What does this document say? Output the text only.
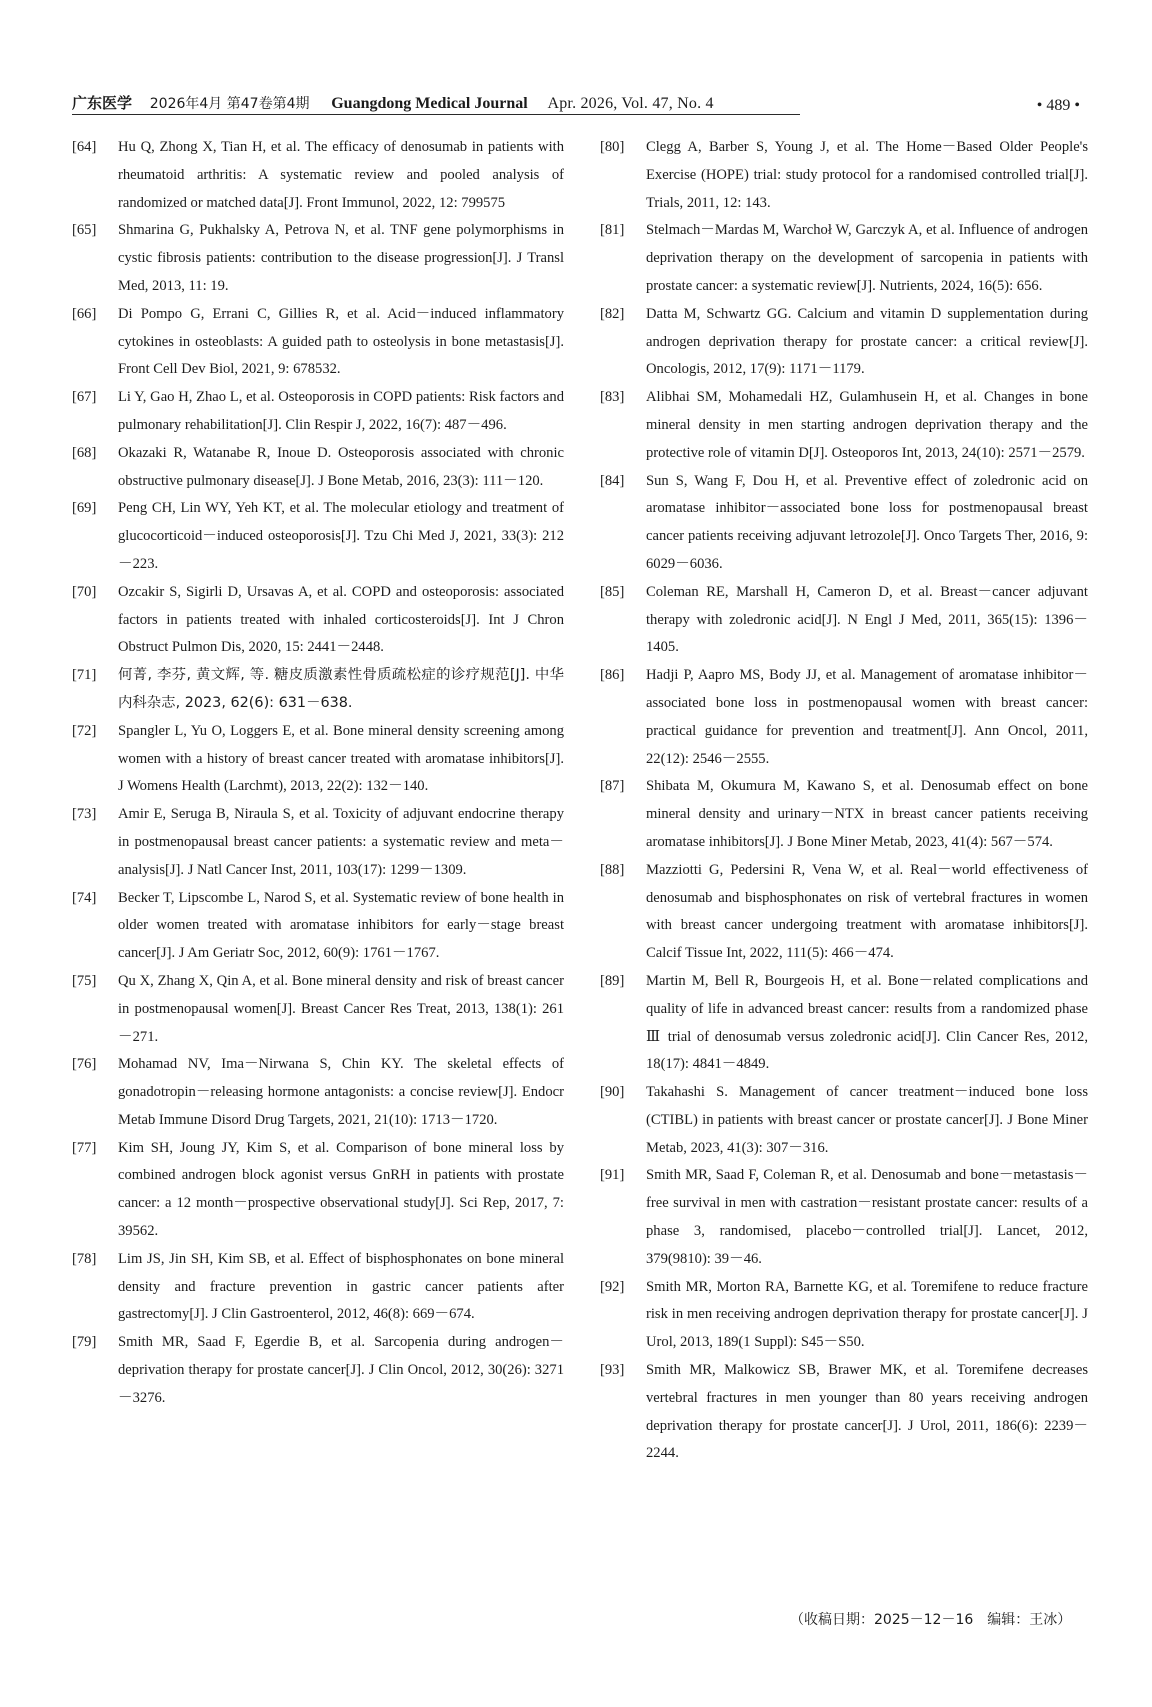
广东医学 2026年4月 第47卷第4期 Guangdong Medical Journal Apr. 2026, Vol. 47, No. 4	• 489 •
[64]	Hu Q, Zhong X, Tian H, et al. The efficacy of denosumab in patients with rheumatoid arthritis: A systematic review and pooled analysis of randomized or matched data[J]. Front Immunol, 2022, 12: 799575
[65]	Shmarina G, Pukhalsky A, Petrova N, et al. TNF gene polymorphisms in cystic fibrosis patients: contribution to the disease progression[J]. J Transl Med, 2013, 11: 19.
[66]	Di Pompo G, Errani C, Gillies R, et al. Acid－induced inflammatory cytokines in osteoblasts: A guided path to osteolysis in bone metastasis[J]. Front Cell Dev Biol, 2021, 9: 678532.
[67]	Li Y, Gao H, Zhao L, et al. Osteoporosis in COPD patients: Risk factors and pulmonary rehabilitation[J]. Clin Respir J, 2022, 16(7): 487－496.
[68]	Okazaki R, Watanabe R, Inoue D. Osteoporosis associated with chronic obstructive pulmonary disease[J]. J Bone Metab, 2016, 23(3): 111－120.
[69]	Peng CH, Lin WY, Yeh KT, et al. The molecular etiology and treatment of glucocorticoid－induced osteoporosis[J]. Tzu Chi Med J, 2021, 33(3): 212－223.
[70]	Ozcakir S, Sigirli D, Ursavas A, et al. COPD and osteoporosis: associated factors in patients treated with inhaled corticosteroids[J]. Int J Chron Obstruct Pulmon Dis, 2020, 15: 2441－2448.
[71]	何菁, 李芬, 黄文辉, 等. 糖皮质激素性骨质疏松症的诊疗规范[J]. 中华内科杂志, 2023, 62(6): 631－638.
[72]	Spangler L, Yu O, Loggers E, et al. Bone mineral density screening among women with a history of breast cancer treated with aromatase inhibitors[J]. J Womens Health (Larchmt), 2013, 22(2): 132－140.
[73]	Amir E, Seruga B, Niraula S, et al. Toxicity of adjuvant endocrine therapy in postmenopausal breast cancer patients: a systematic review and meta－analysis[J]. J Natl Cancer Inst, 2011, 103(17): 1299－1309.
[74]	Becker T, Lipscombe L, Narod S, et al. Systematic review of bone health in older women treated with aromatase inhibitors for early－stage breast cancer[J]. J Am Geriatr Soc, 2012, 60(9): 1761－1767.
[75]	Qu X, Zhang X, Qin A, et al. Bone mineral density and risk of breast cancer in postmenopausal women[J]. Breast Cancer Res Treat, 2013, 138(1): 261－271.
[76]	Mohamad NV, Ima－Nirwana S, Chin KY. The skeletal effects of gonadotropin－releasing hormone antagonists: a concise review[J]. Endocr Metab Immune Disord Drug Targets, 2021, 21(10): 1713－1720.
[77]	Kim SH, Joung JY, Kim S, et al. Comparison of bone mineral loss by combined androgen block agonist versus GnRH in patients with prostate cancer: a 12 month－prospective observational study[J]. Sci Rep, 2017, 7: 39562.
[78]	Lim JS, Jin SH, Kim SB, et al. Effect of bisphosphonates on bone mineral density and fracture prevention in gastric cancer patients after gastrectomy[J]. J Clin Gastroenterol, 2012, 46(8): 669－674.
[79]	Smith MR, Saad F, Egerdie B, et al. Sarcopenia during androgen－deprivation therapy for prostate cancer[J]. J Clin Oncol, 2012, 30(26): 3271－3276.
[80]	Clegg A, Barber S, Young J, et al. The Home－Based Older People's Exercise (HOPE) trial: study protocol for a randomised controlled trial[J]. Trials, 2011, 12: 143.
[81]	Stelmach－Mardas M, Warchoł W, Garczyk A, et al. Influence of androgen deprivation therapy on the development of sarcopenia in patients with prostate cancer: a systematic review[J]. Nutrients, 2024, 16(5): 656.
[82]	Datta M, Schwartz GG. Calcium and vitamin D supplementation during androgen deprivation therapy for prostate cancer: a critical review[J]. Oncologis, 2012, 17(9): 1171－1179.
[83]	Alibhai SM, Mohamedali HZ, Gulamhusein H, et al. Changes in bone mineral density in men starting androgen deprivation therapy and the protective role of vitamin D[J]. Osteoporos Int, 2013, 24(10): 2571－2579.
[84]	Sun S, Wang F, Dou H, et al. Preventive effect of zoledronic acid on aromatase inhibitor－associated bone loss for postmenopausal breast cancer patients receiving adjuvant letrozole[J]. Onco Targets Ther, 2016, 9: 6029－6036.
[85]	Coleman RE, Marshall H, Cameron D, et al. Breast－cancer adjuvant therapy with zoledronic acid[J]. N Engl J Med, 2011, 365(15): 1396－1405.
[86]	Hadji P, Aapro MS, Body JJ, et al. Management of aromatase inhibitor－associated bone loss in postmenopausal women with breast cancer: practical guidance for prevention and treatment[J]. Ann Oncol, 2011, 22(12): 2546－2555.
[87]	Shibata M, Okumura M, Kawano S, et al. Denosumab effect on bone mineral density and urinary－NTX in breast cancer patients receiving aromatase inhibitors[J]. J Bone Miner Metab, 2023, 41(4): 567－574.
[88]	Mazziotti G, Pedersini R, Vena W, et al. Real－world effectiveness of denosumab and bisphosphonates on risk of vertebral fractures in women with breast cancer undergoing treatment with aromatase inhibitors[J]. Calcif Tissue Int, 2022, 111(5): 466－474.
[89]	Martin M, Bell R, Bourgeois H, et al. Bone－related complications and quality of life in advanced breast cancer: results from a randomized phase Ⅲ trial of denosumab versus zoledronic acid[J]. Clin Cancer Res, 2012, 18(17): 4841－4849.
[90]	Takahashi S. Management of cancer treatment－induced bone loss (CTIBL) in patients with breast cancer or prostate cancer[J]. J Bone Miner Metab, 2023, 41(3): 307－316.
[91]	Smith MR, Saad F, Coleman R, et al. Denosumab and bone－metastasis－free survival in men with castration－resistant prostate cancer: results of a phase 3, randomised, placebo－controlled trial[J]. Lancet, 2012, 379(9810): 39－46.
[92]	Smith MR, Morton RA, Barnette KG, et al. Toremifene to reduce fracture risk in men receiving androgen deprivation therapy for prostate cancer[J]. J Urol, 2013, 189(1 Suppl): S45－S50.
[93]	Smith MR, Malkowicz SB, Brawer MK, et al. Toremifene decreases vertebral fractures in men younger than 80 years receiving androgen deprivation therapy for prostate cancer[J]. J Urol, 2011, 186(6): 2239－2244.
（收稿日期：2025－12－16　编辑：王冰）
